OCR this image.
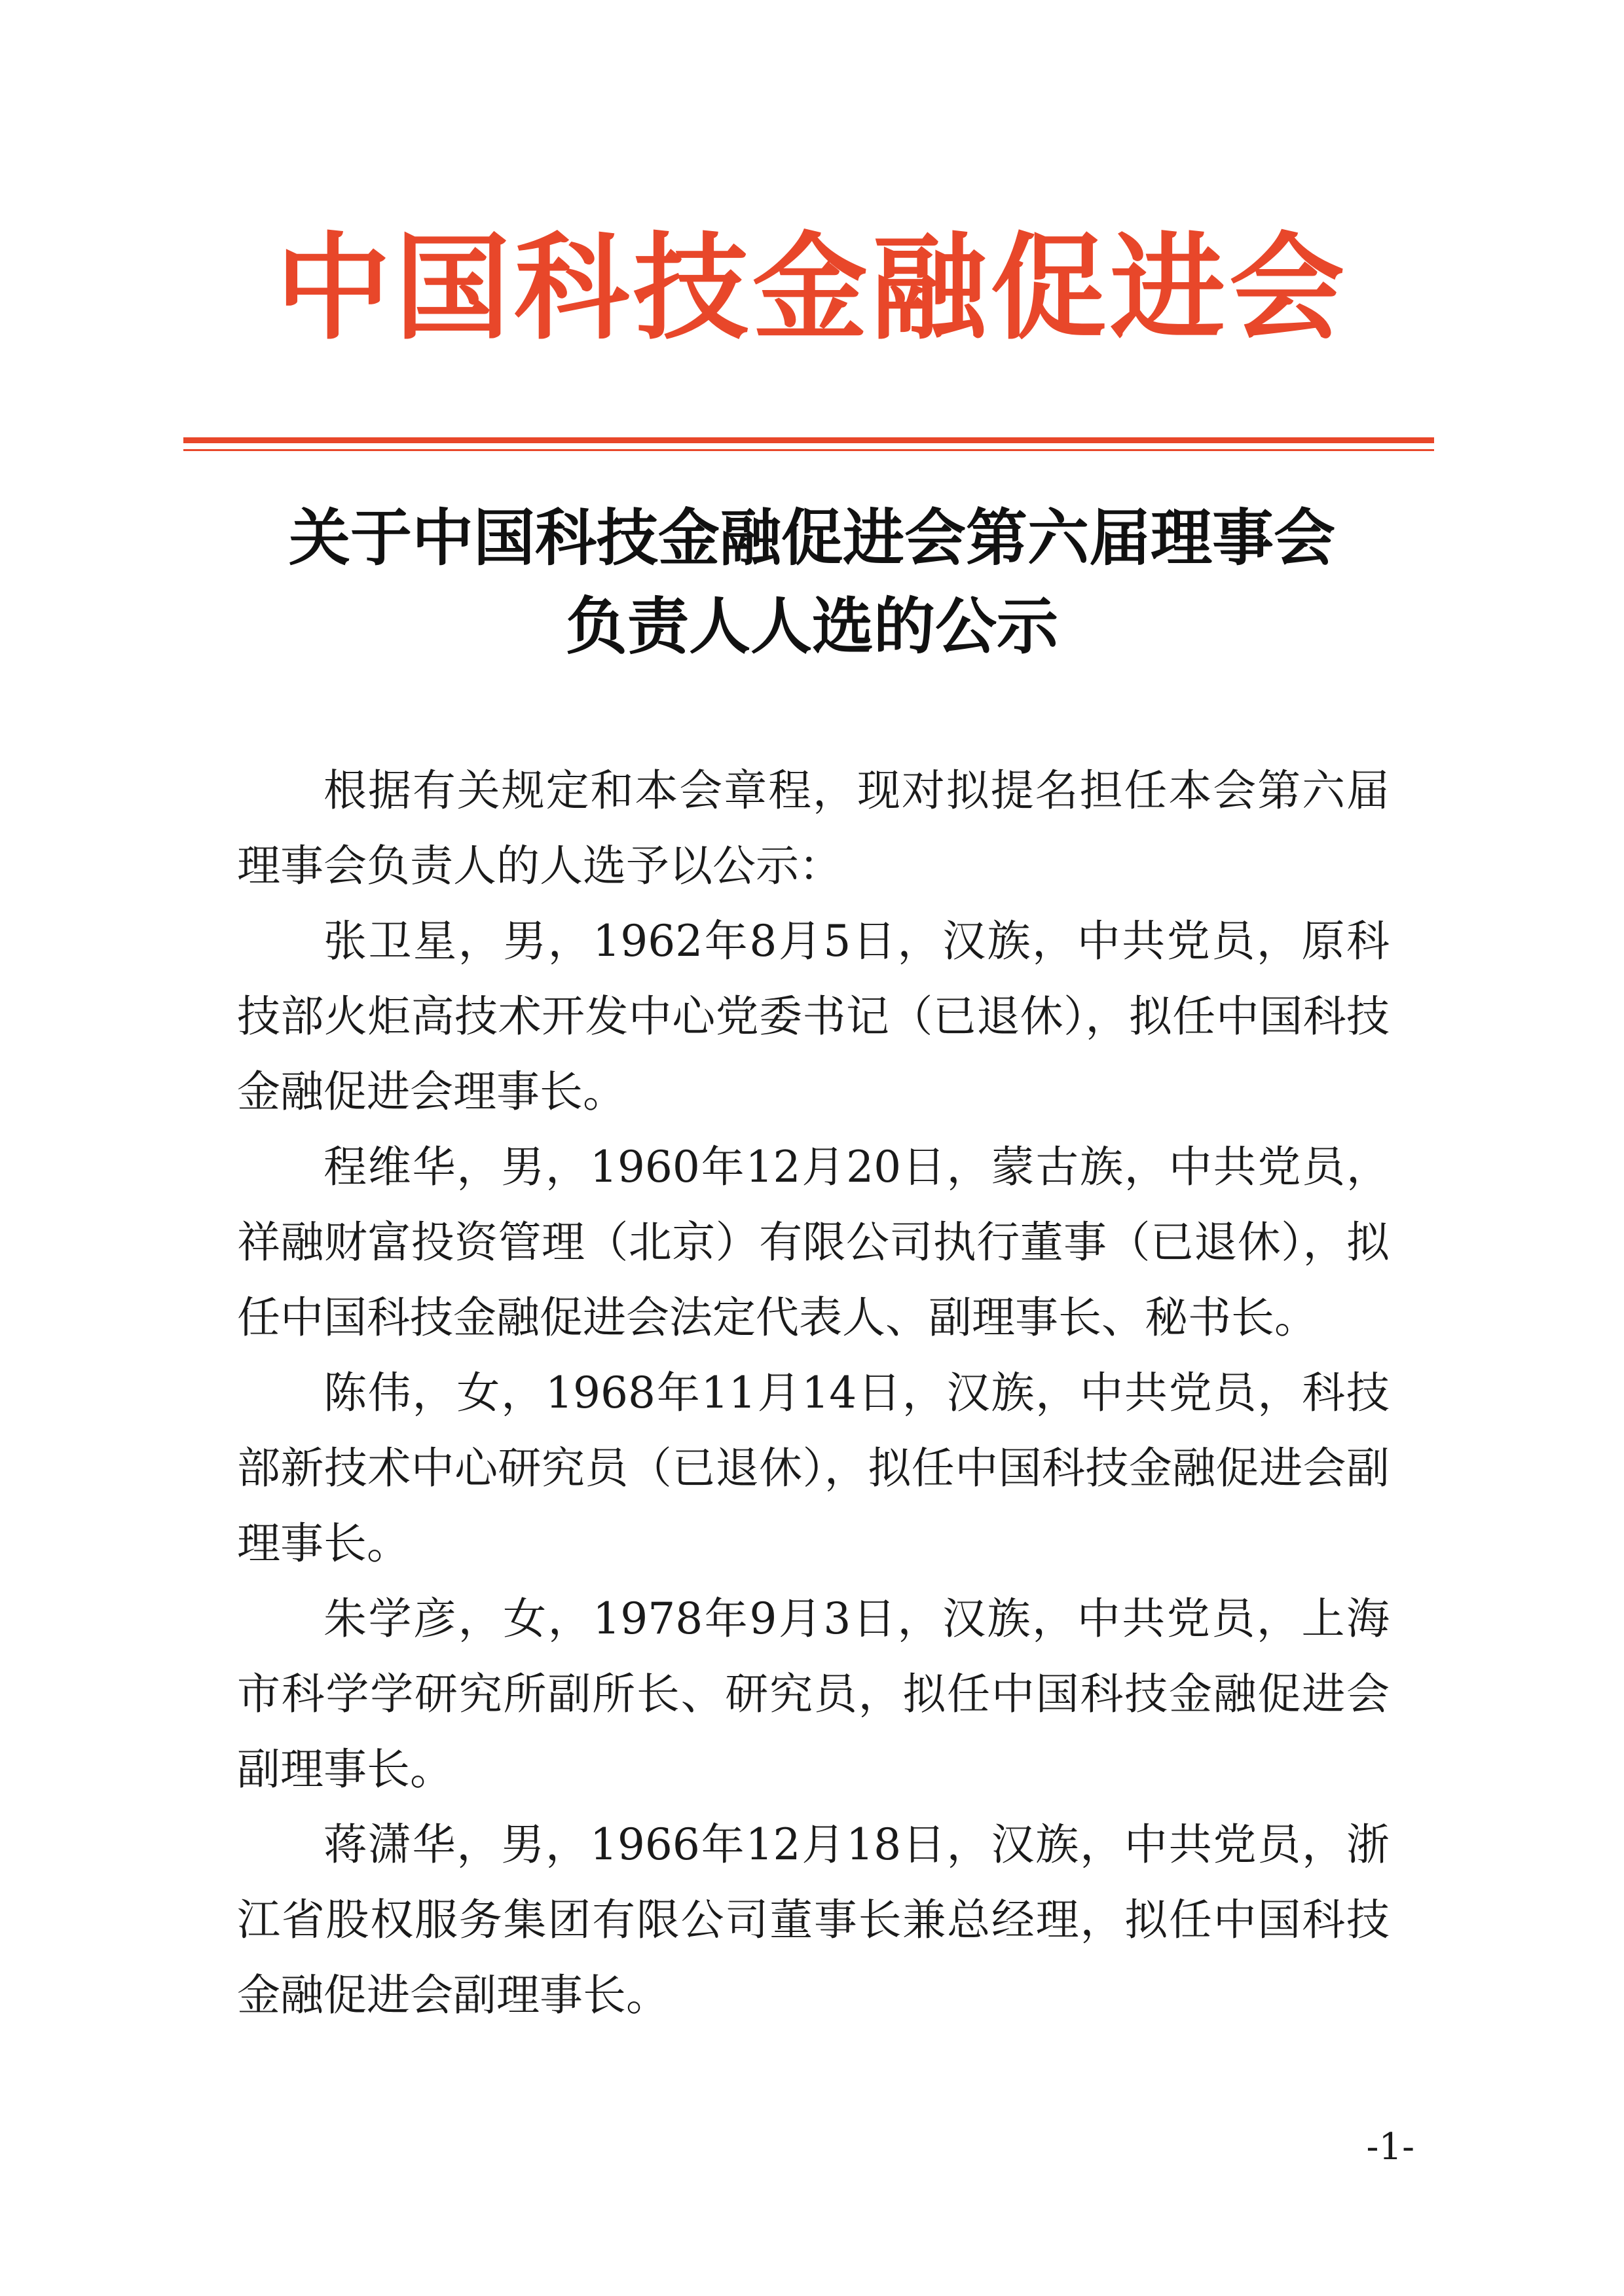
中国科技金融促进会
关于中国科技金融促进会第六届理事会
负责人人选的公示

根据有关规定和本会章程，现对拟提名担任本会第六届理事会负责人的人选予以公示：

张卫星，男，1962年8月5日，汉族，中共党员，原科技部火炬高技术开发中心党委书记（已退休），拟任中国科技金融促进会理事长。

程维华，男，1960年12月20日，蒙古族，中共党员，祥融财富投资管理（北京）有限公司执行董事（已退休），拟任中国科技金融促进会法定代表人、副理事长、秘书长。

陈伟，女，1968年11月14日，汉族，中共党员，科技部新技术中心研究员（已退休），拟任中国科技金融促进会副理事长。

朱学彦，女，1978年9月3日，汉族，中共党员，上海市科学学研究所副所长、研究员，拟任中国科技金融促进会副理事长。

蒋潇华，男，1966年12月18日，汉族，中共党员，浙江省股权服务集团有限公司董事长兼总经理，拟任中国科技金融促进会副理事长。

-1-
